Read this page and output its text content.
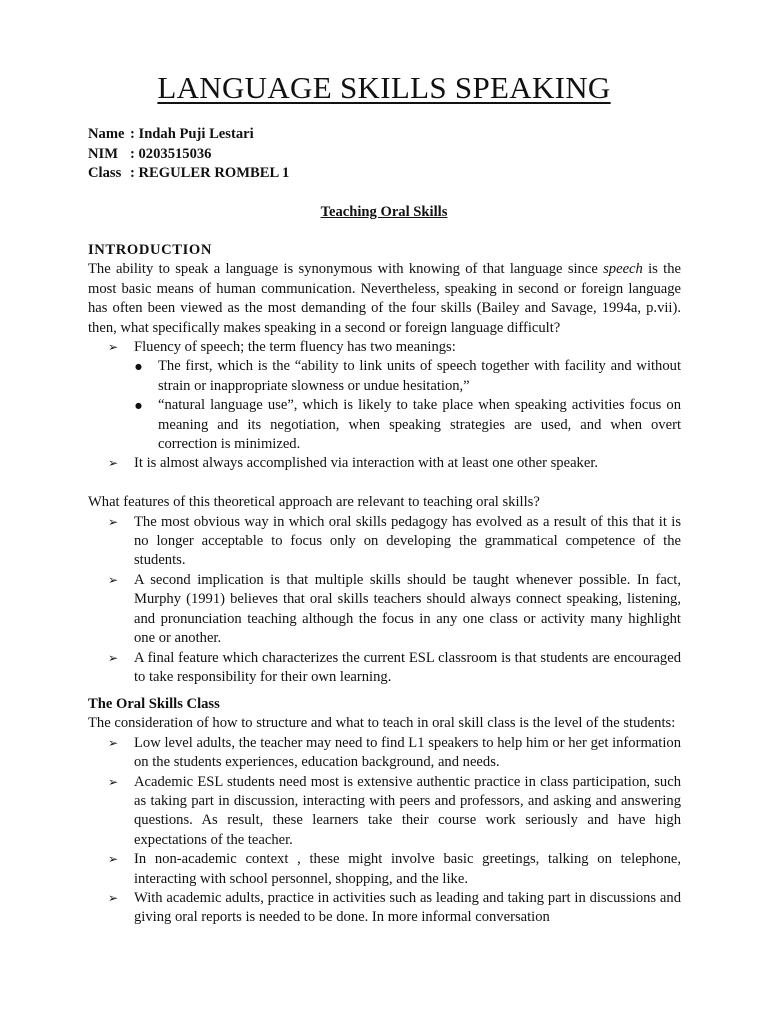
LANGUAGE SKILLS SPEAKING
Name : Indah Puji Lestari
NIM : 0203515036
Class : REGULER ROMBEL 1
Teaching Oral Skills
INTRODUCTION

The ability to speak a language is synonymous with knowing of that language since speech is the most basic means of human communication. Nevertheless, speaking in second or foreign language has often been viewed as the most demanding of the four skills (Bailey and Savage, 1994a, p.vii). then, what specifically makes speaking in a second or foreign language difficult?

➢ Fluency of speech; the term fluency has two meanings:
● The first, which is the “ability to link units of speech together with facility and without strain or inappropriate slowness or undue hesitation,”
● “natural language use”, which is likely to take place when speaking activities focus on meaning and its negotiation, when speaking strategies are used, and when overt correction is minimized.
➢ It is almost always accomplished via interaction with at least one other speaker.

What features of this theoretical approach are relevant to teaching oral skills?

➢ The most obvious way in which oral skills pedagogy has evolved as a result of this that it is no longer acceptable to focus only on developing the grammatical competence of the students.
➢ A second implication is that multiple skills should be taught whenever possible. In fact, Murphy (1991) believes that oral skills teachers should always connect speaking, listening, and pronunciation teaching although the focus in any one class or activity many highlight one or another.
➢ A final feature which characterizes the current ESL classroom is that students are encouraged to take responsibility for their own learning.
The Oral Skills Class

The consideration of how to structure and what to teach in oral skill class is the level of the students:

➢ Low level adults, the teacher may need to find L1 speakers to help him or her get information on the students experiences, education background, and needs.
➢ Academic ESL students need most is extensive authentic practice in class participation, such as taking part in discussion, interacting with peers and professors, and asking and answering questions. As result, these learners take their course work seriously and have high expectations of the teacher.
➢ In non-academic context , these might involve basic greetings, talking on telephone, interacting with school personnel, shopping, and the like.
➢ With academic adults, practice in activities such as leading and taking part in discussions and giving oral reports is needed to be done. In more informal conversation
